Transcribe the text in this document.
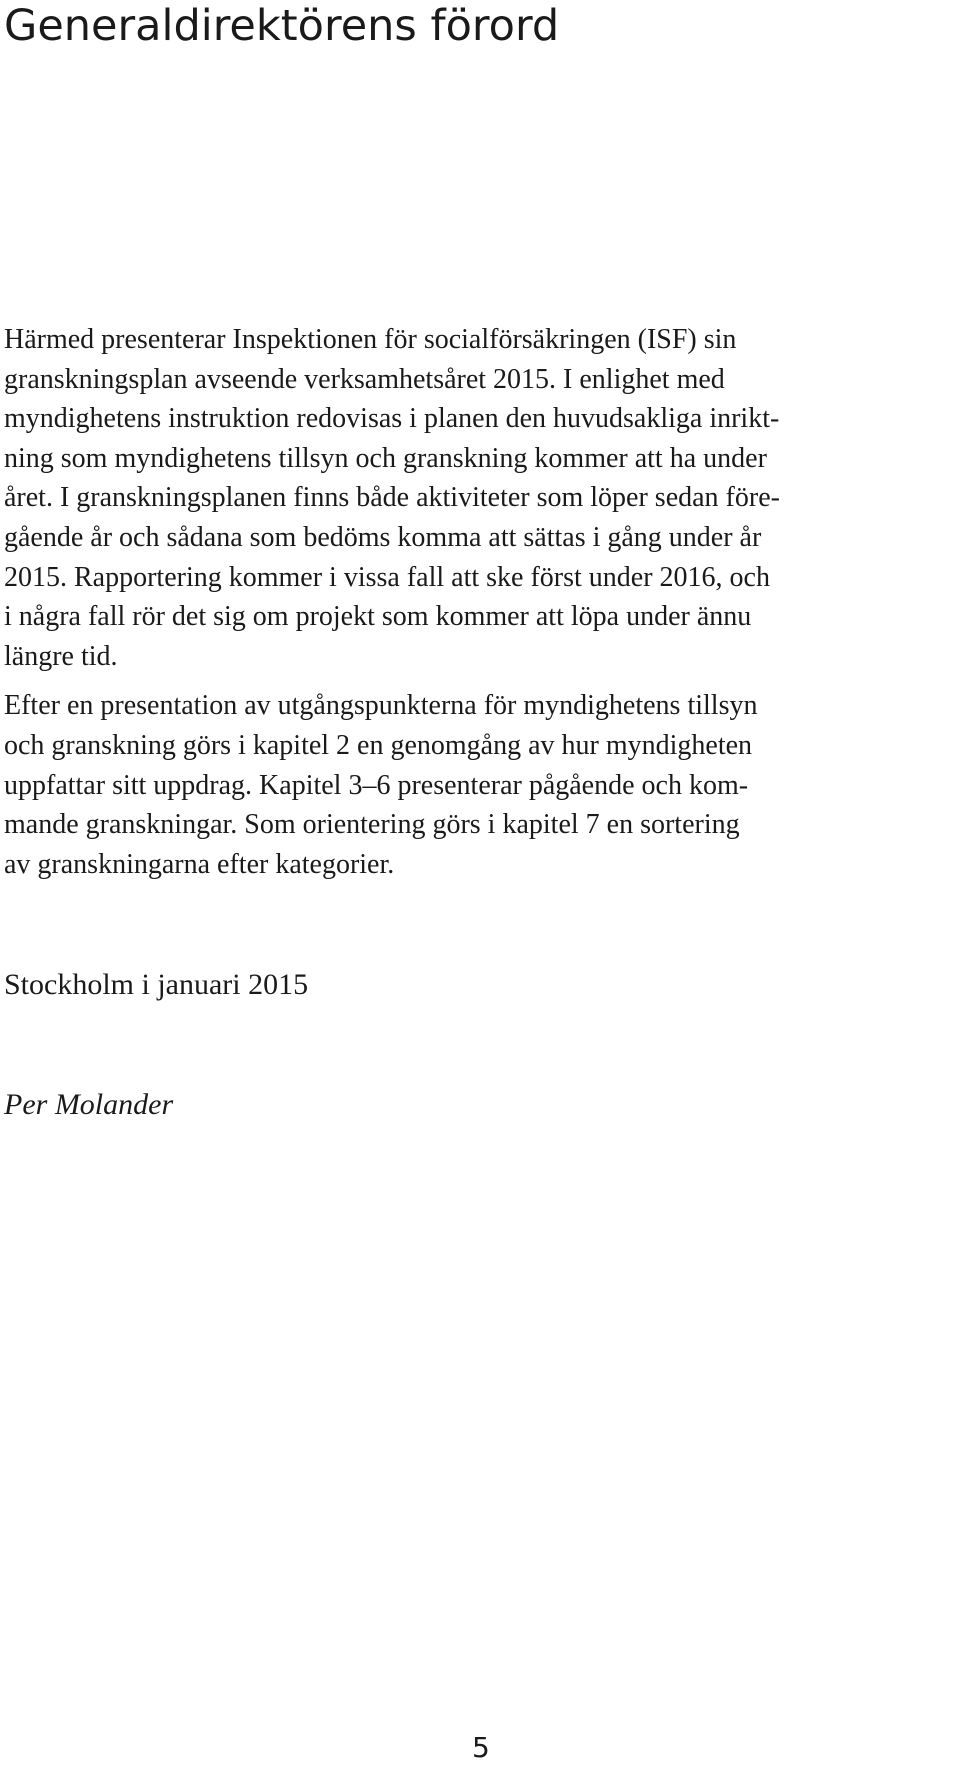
Generaldirektörens förord

Härmed presenterar Inspektionen för socialförsäkringen (ISF) sin
granskningsplan avseende verksamhetsåret 2015. I enlighet med
myndighetens instruktion redovisas i planen den huvudsakliga inrikt-
ning som myndighetens tillsyn och granskning kommer att ha under
året. I granskningsplanen finns både aktiviteter som löper sedan före-
gående år och sådana som bedöms komma att sättas i gång under år
2015. Rapportering kommer i vissa fall att ske först under 2016, och
i några fall rör det sig om projekt som kommer att löpa under ännu
längre tid.

Efter en presentation av utgångspunkterna för myndighetens tillsyn
och granskning görs i kapitel 2 en genomgång av hur myndigheten
uppfattar sitt uppdrag. Kapitel 3–6 presenterar pågående och kom-
mande granskningar. Som orientering görs i kapitel 7 en sortering
av granskningarna efter kategorier.

Stockholm i januari 2015

Per Molander

5
